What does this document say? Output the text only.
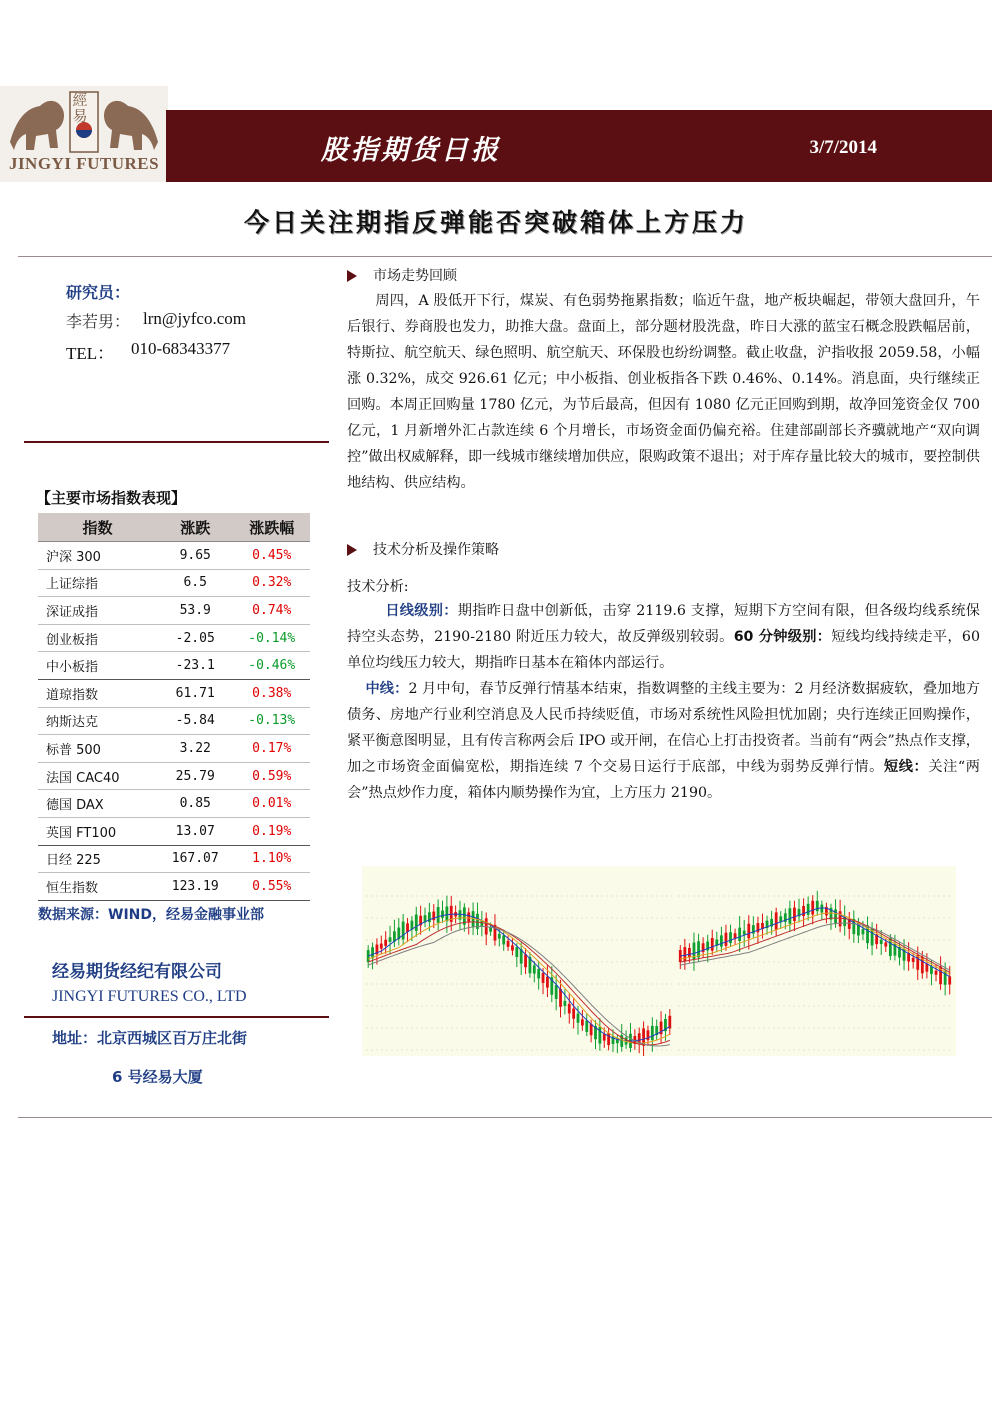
經易
JINGYI FUTURES	股指期货日报	3/7/2014
今日关注期指反弹能否突破箱体上方压力
研究员：
李若男： lrn@jyfco.com
TEL： 010-68343377
【主要市场指数表现】
指数	涨跌	涨跌幅
沪深 300	9.65	0.45%
上证综指	6.5	0.32%
深证成指	53.9	0.74%
创业板指	-2.05	-0.14%
中小板指	-23.1	-0.46%
道琼指数	61.71	0.38%
纳斯达克	-5.84	-0.13%
标普 500	3.22	0.17%
法国 CAC40	25.79	0.59%
德国 DAX	0.85	0.01%
英国 FT100	13.07	0.19%
日经 225	167.07	1.10%
恒生指数	123.19	0.55%
数据来源：WIND，经易金融事业部
经易期货经纪有限公司
JINGYI FUTURES CO., LTD
地址：北京西城区百万庄北街
6 号经易大厦
市场走势回顾
周四，A 股低开下行，煤炭、有色弱势拖累指数；临近午盘，地产板块崛起，带领大盘回升，午后银行、券商股也发力，助推大盘。盘面上，部分题材股洗盘，昨日大涨的蓝宝石概念股跌幅居前，特斯拉、航空航天、绿色照明、航空航天、环保股也纷纷调整。截止收盘，沪指收报 2059.58，小幅涨 0.32%，成交 926.61 亿元；中小板指、创业板指各下跌 0.46%、0.14%。消息面，央行继续正回购。本周正回购量 1780 亿元，为节后最高，但因有 1080 亿元正回购到期，故净回笼资金仅 700 亿元，1 月新增外汇占款连续 6 个月增长，市场资金面仍偏充裕。住建部副部长齐骥就地产“双向调控”做出权威解释，即一线城市继续增加供应，限购政策不退出；对于库存量比较大的城市，要控制供地结构、供应结构。
技术分析及操作策略
技术分析:
日线级别：期指昨日盘中创新低，击穿 2119.6 支撑，短期下方空间有限，但各级均线系统保持空头态势，2190-2180 附近压力较大，故反弹级别较弱。60 分钟级别：短线均线持续走平，60 单位均线压力较大，期指昨日基本在箱体内部运行。
中线：2 月中旬，春节反弹行情基本结束，指数调整的主线主要为：2 月经济数据疲软，叠加地方债务、房地产行业利空消息及人民币持续贬值，市场对系统性风险担忧加剧；央行连续正回购操作，紧平衡意图明显，且有传言称两会后 IPO 或开闸，在信心上打击投资者。当前有“两会”热点作支撑，加之市场资金面偏宽松，期指连续 7 个交易日运行于底部，中线为弱势反弹行情。短线：关注“两会”热点炒作力度，箱体内顺势操作为宜，上方压力 2190。
